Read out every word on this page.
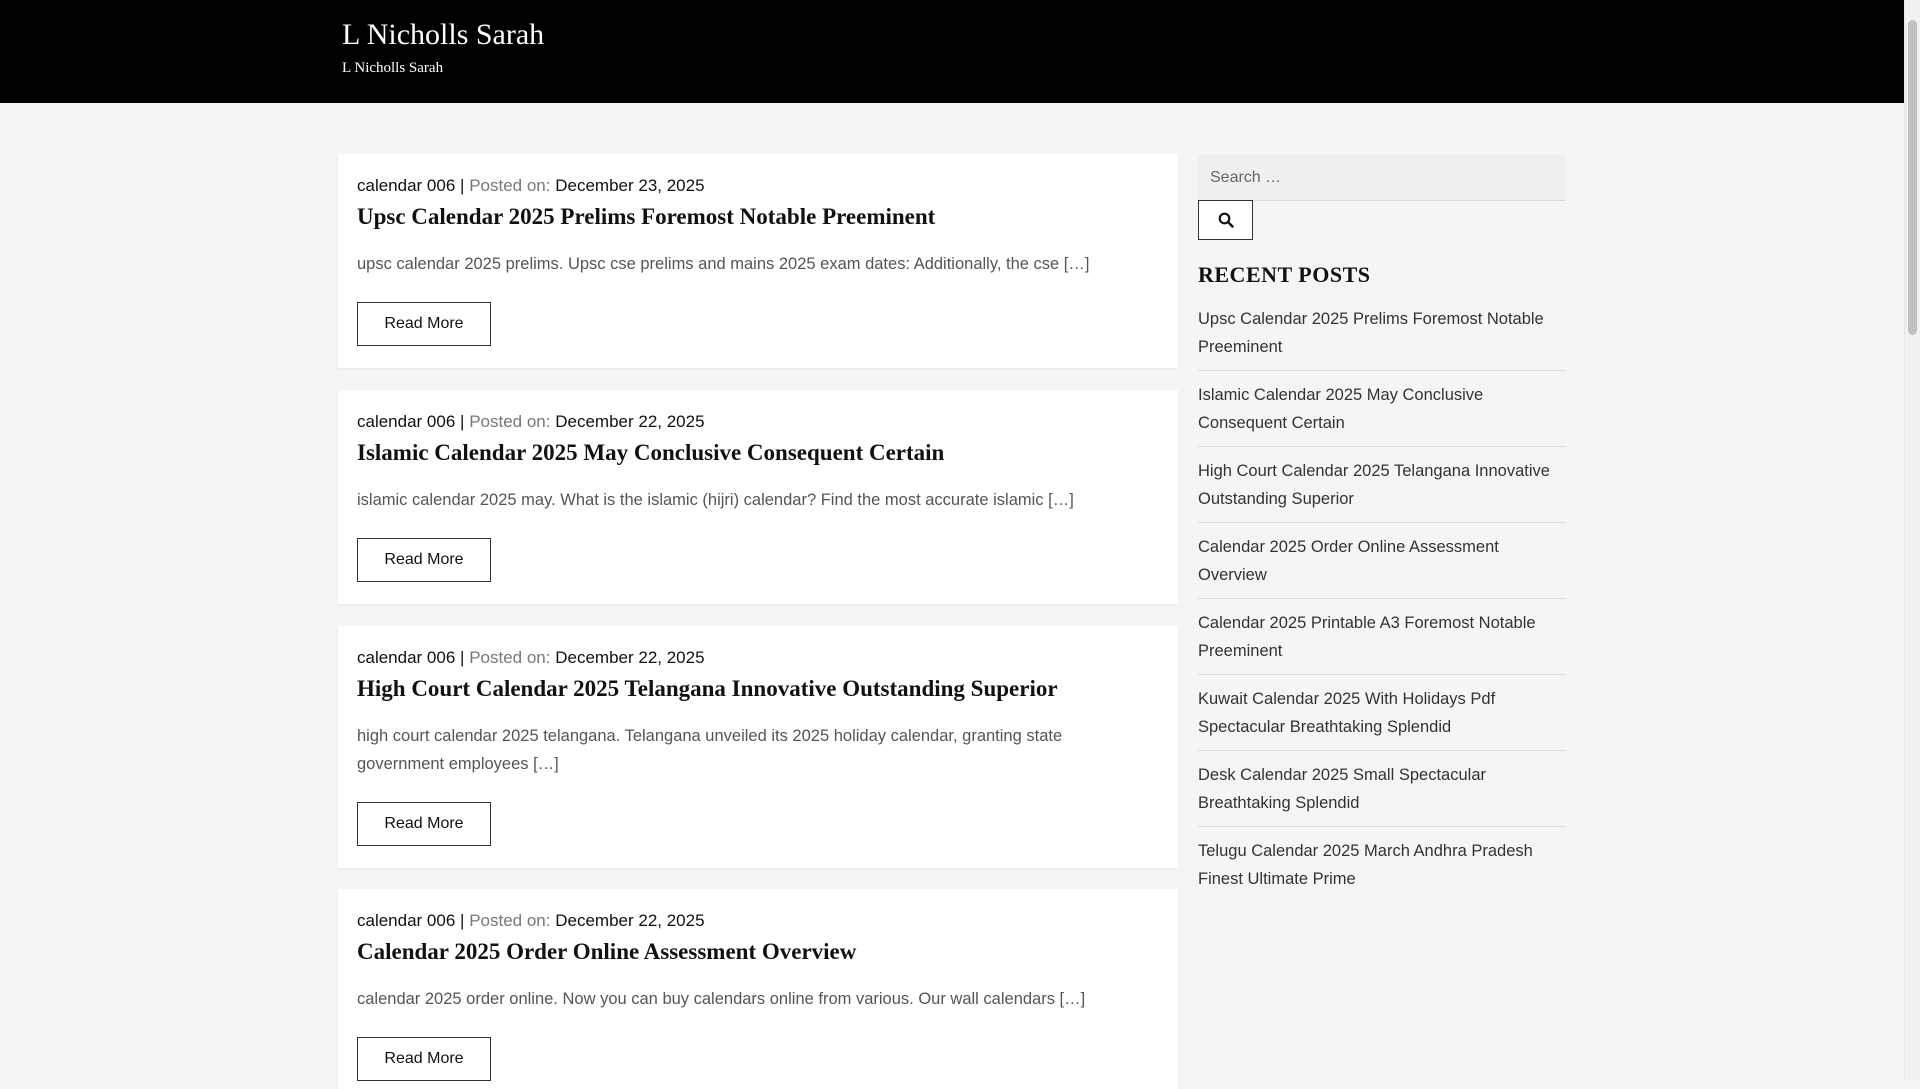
L Nicholls Sarah
L Nicholls Sarah
calendar 006 | Posted on: December 23, 2025
Upsc Calendar 2025 Prelims Foremost Notable Preeminent

upsc calendar 2025 prelims. Upsc cse prelims and mains 2025 exam dates: Additionally, the cse […]

Read More
calendar 006 | Posted on: December 22, 2025
Islamic Calendar 2025 May Conclusive Consequent Certain

islamic calendar 2025 may. What is the islamic (hijri) calendar? Find the most accurate islamic […]

Read More
calendar 006 | Posted on: December 22, 2025
High Court Calendar 2025 Telangana Innovative Outstanding Superior

high court calendar 2025 telangana. Telangana unveiled its 2025 holiday calendar, granting state government employees […]

Read More
calendar 006 | Posted on: December 22, 2025
Calendar 2025 Order Online Assessment Overview

calendar 2025 order online. Now you can buy calendars online from various. Our wall calendars […]

Read More
Search …
RECENT POSTS
Upsc Calendar 2025 Prelims Foremost Notable Preeminent
Islamic Calendar 2025 May Conclusive Consequent Certain
High Court Calendar 2025 Telangana Innovative Outstanding Superior
Calendar 2025 Order Online Assessment Overview
Calendar 2025 Printable A3 Foremost Notable Preeminent
Kuwait Calendar 2025 With Holidays Pdf Spectacular Breathtaking Splendid
Desk Calendar 2025 Small Spectacular Breathtaking Splendid
Telugu Calendar 2025 March Andhra Pradesh Finest Ultimate Prime
